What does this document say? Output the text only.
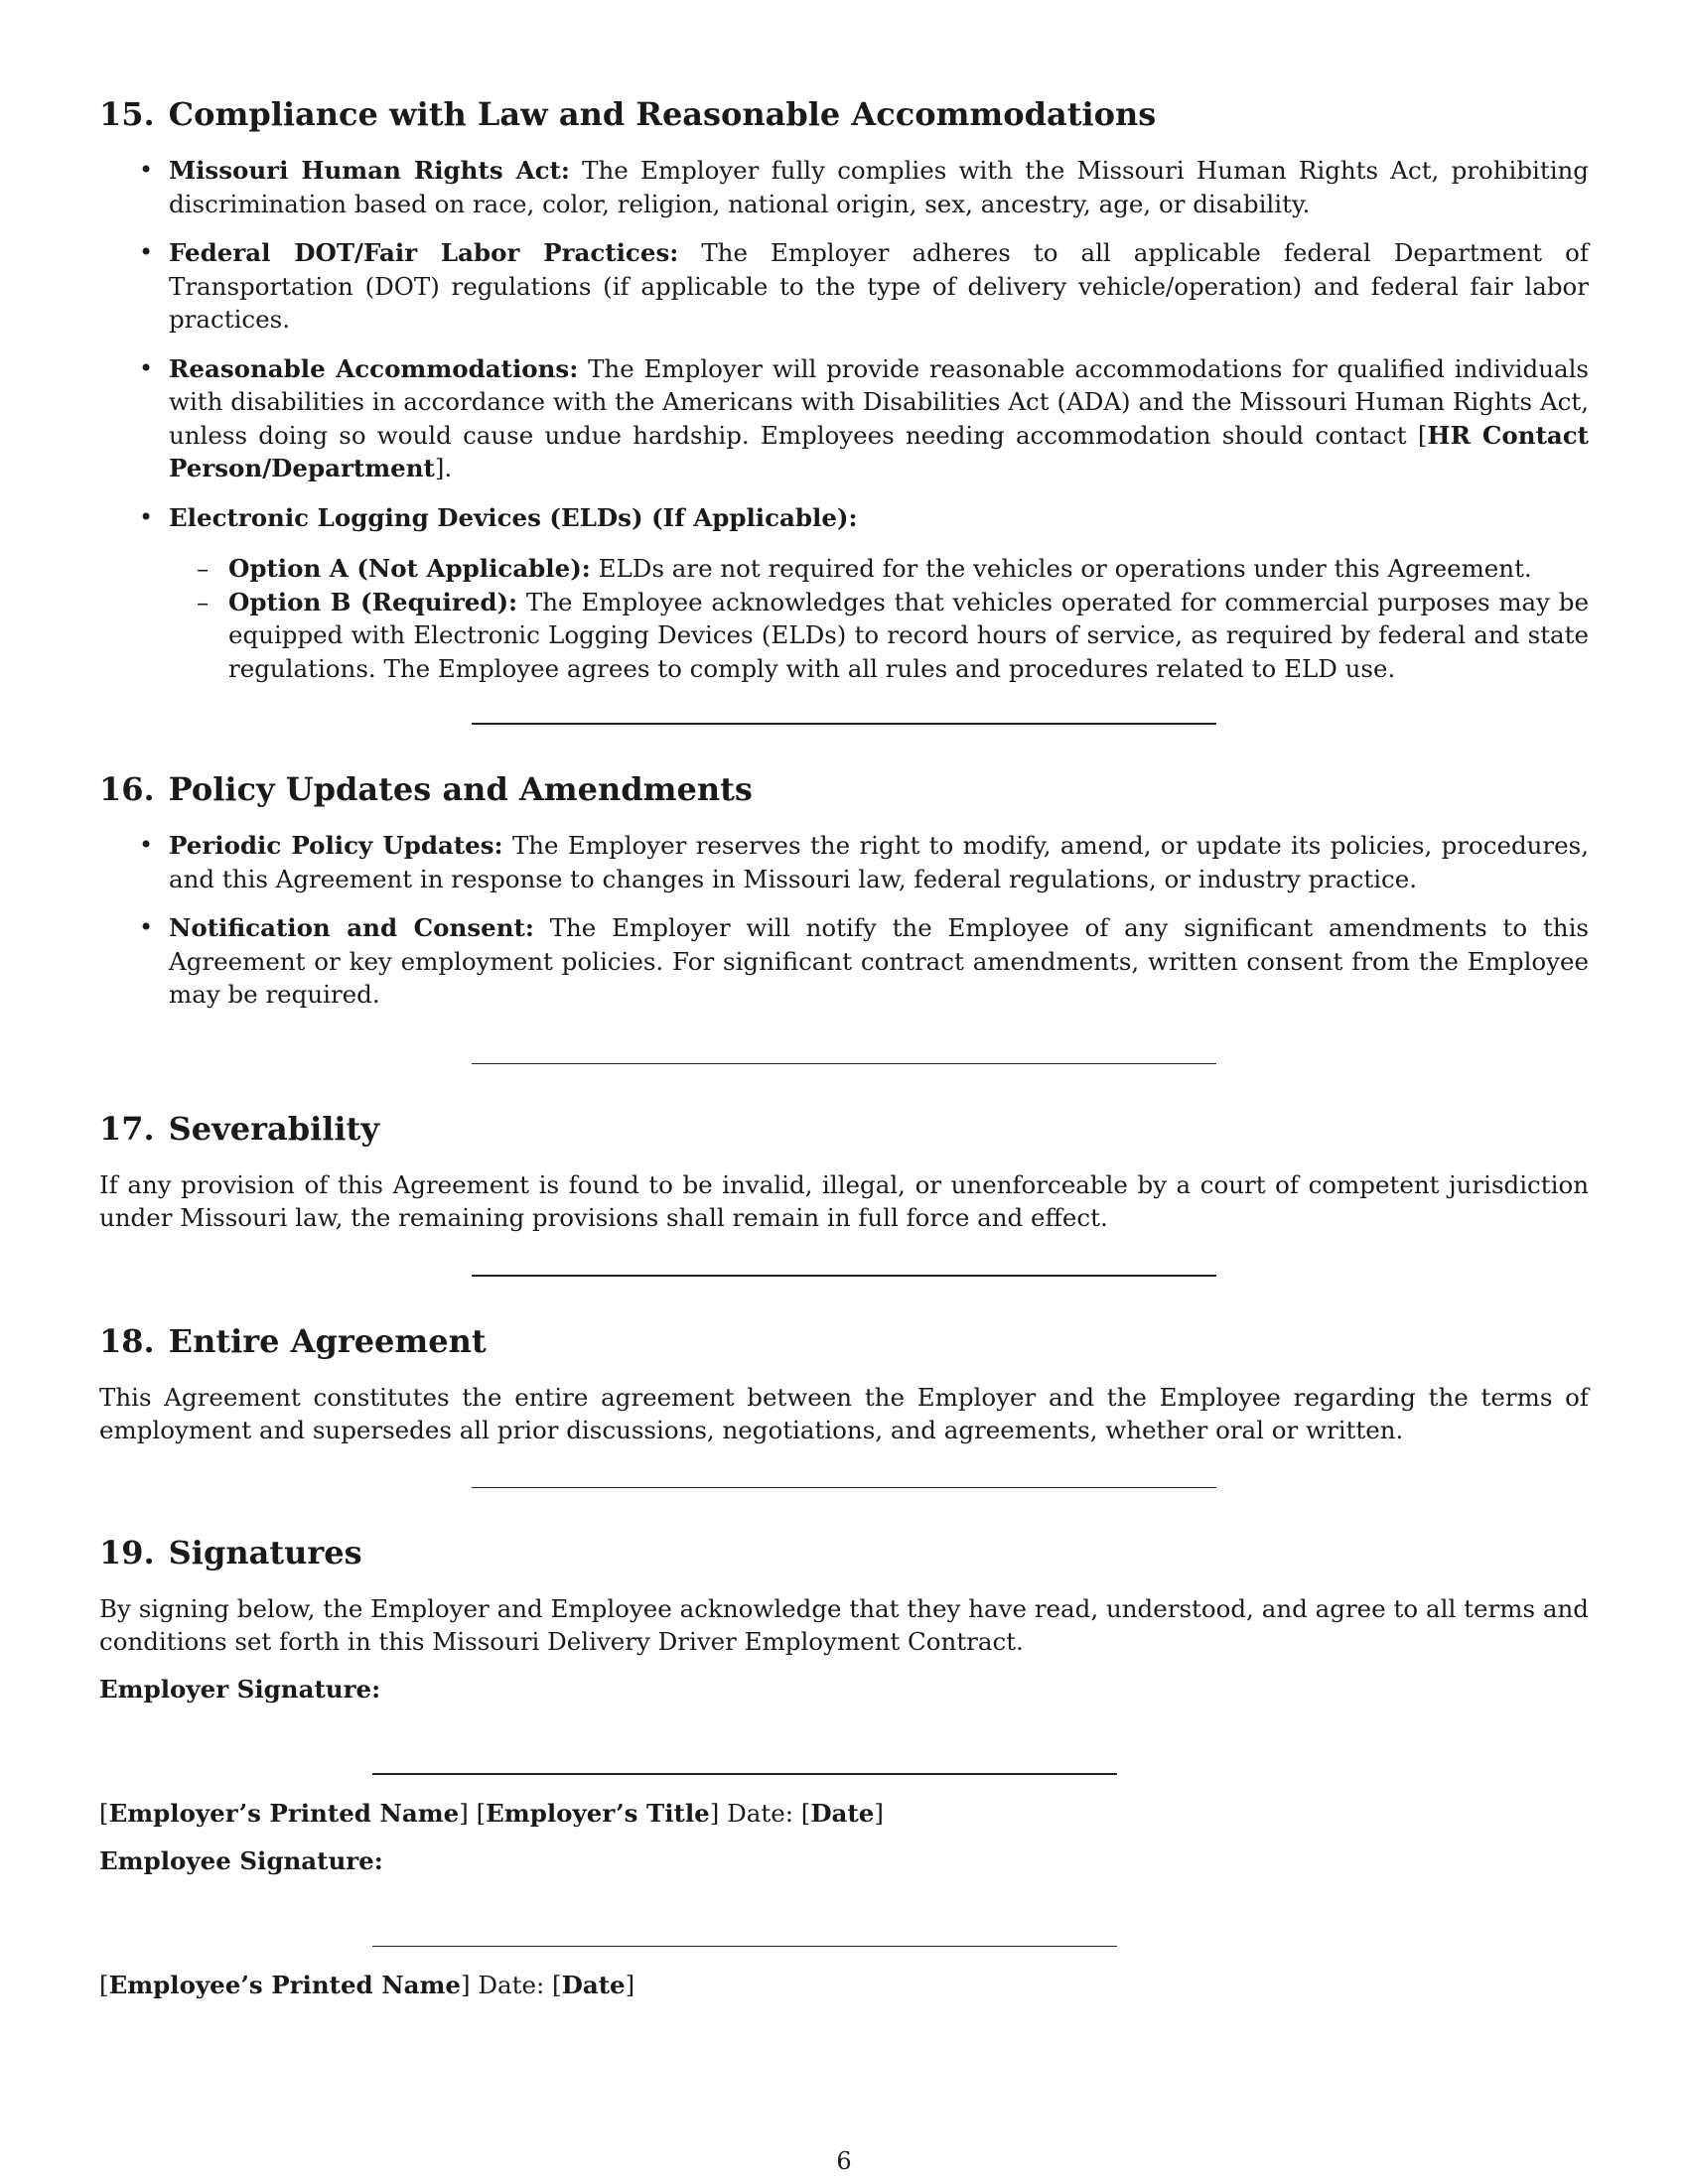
15. Compliance with Law and Reasonable Accommodations
• Missouri Human Rights Act: The Employer fully complies with the Missouri Human Rights Act, prohibiting discrimination based on race, color, religion, national origin, sex, ancestry, age, or disability.
• Federal DOT/Fair Labor Practices: The Employer adheres to all applicable federal Department of Transportation (DOT) regulations (if applicable to the type of delivery vehicle/operation) and federal fair labor practices.
• Reasonable Accommodations: The Employer will provide reasonable accommodations for qualified individuals with disabilities in accordance with the Americans with Disabilities Act (ADA) and the Missouri Human Rights Act, unless doing so would cause undue hardship. Employees needing accommodation should contact [HR Contact Person/Department].
• Electronic Logging Devices (ELDs) (If Applicable):
– Option A (Not Applicable): ELDs are not required for the vehicles or operations under this Agreement.
– Option B (Required): The Employee acknowledges that vehicles operated for commercial purposes may be equipped with Electronic Logging Devices (ELDs) to record hours of service, as required by federal and state regulations. The Employee agrees to comply with all rules and procedures related to ELD use.
16. Policy Updates and Amendments
• Periodic Policy Updates: The Employer reserves the right to modify, amend, or update its policies, procedures, and this Agreement in response to changes in Missouri law, federal regulations, or industry practice.
• Notification and Consent: The Employer will notify the Employee of any significant amendments to this Agreement or key employment policies. For significant contract amendments, written consent from the Employee may be required.
17. Severability

If any provision of this Agreement is found to be invalid, illegal, or unenforceable by a court of competent jurisdiction under Missouri law, the remaining provisions shall remain in full force and effect.

18. Entire Agreement

This Agreement constitutes the entire agreement between the Employer and the Employee regarding the terms of employment and supersedes all prior discussions, negotiations, and agreements, whether oral or written.

19. Signatures

By signing below, the Employer and Employee acknowledge that they have read, understood, and agree to all terms and conditions set forth in this Missouri Delivery Driver Employment Contract.

Employer Signature:

[Employer’s Printed Name] [Employer’s Title] Date: [Date]

Employee Signature:

[Employee’s Printed Name] Date: [Date]

6
